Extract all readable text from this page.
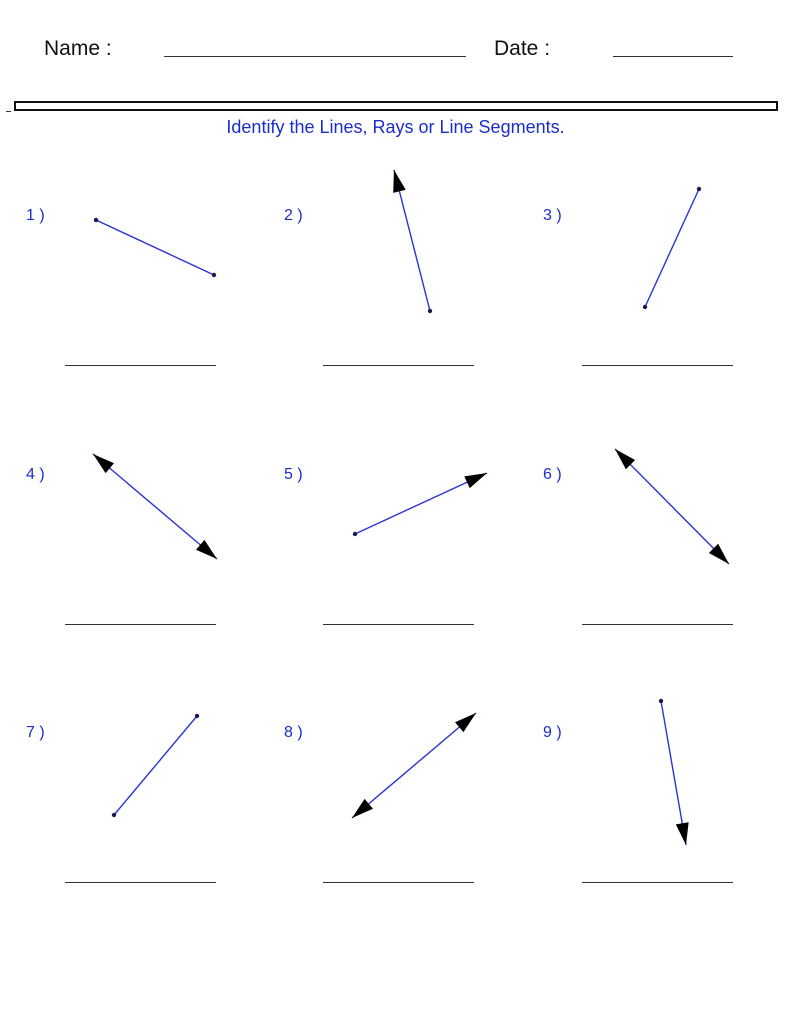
Name :	Date :
Identify the Lines, Rays or Line Segments.
1 )	2 )	3 )
4 )	5 )	6 )
7 )	8 )	9 )
